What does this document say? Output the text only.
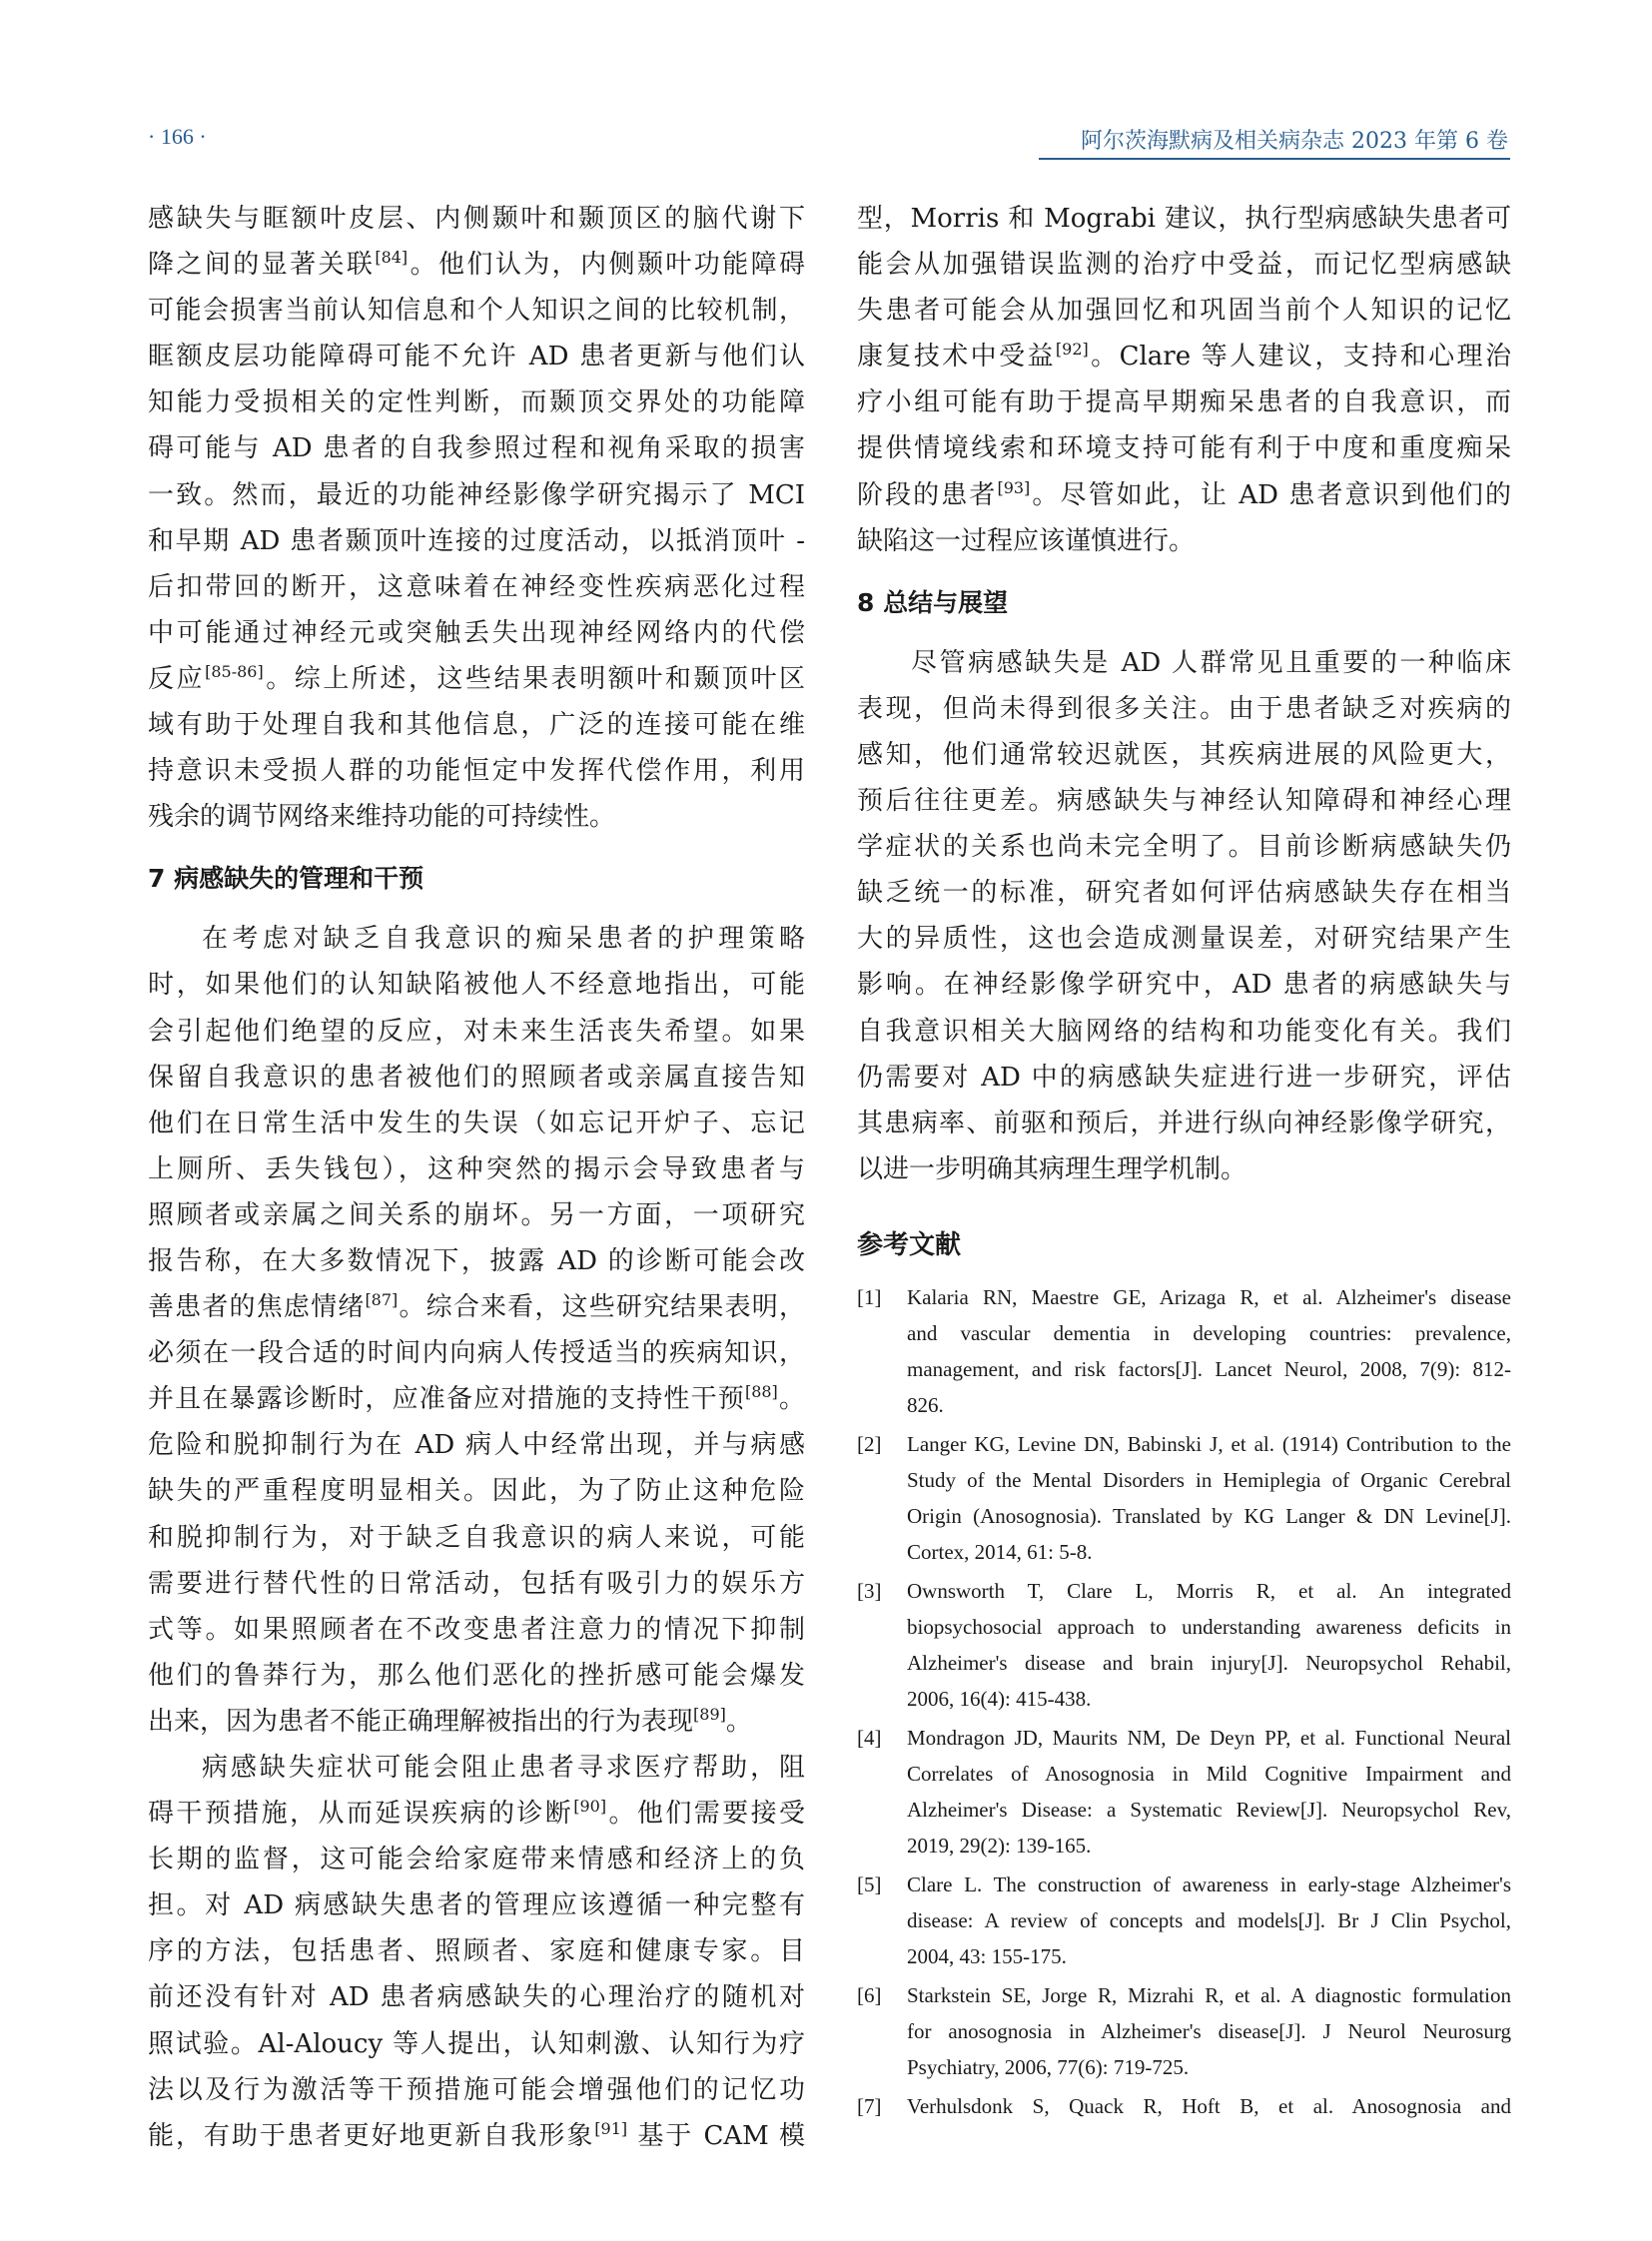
· 166 ·	阿尔茨海默病及相关病杂志 2023 年第 6 卷
感缺失与眶额叶皮层、内侧颞叶和颞顶区的脑代谢下
降之间的显著关联[84]。他们认为，内侧颞叶功能障碍
可能会损害当前认知信息和个人知识之间的比较机制，
眶额皮层功能障碍可能不允许 AD 患者更新与他们认
知能力受损相关的定性判断，而颞顶交界处的功能障
碍可能与 AD 患者的自我参照过程和视角采取的损害
一致。然而，最近的功能神经影像学研究揭示了 MCI
和早期 AD 患者颞顶叶连接的过度活动，以抵消顶叶 -
后扣带回的断开，这意味着在神经变性疾病恶化过程
中可能通过神经元或突触丢失出现神经网络内的代偿
反应[85-86]。综上所述，这些结果表明额叶和颞顶叶区
域有助于处理自我和其他信息，广泛的连接可能在维
持意识未受损人群的功能恒定中发挥代偿作用，利用
残余的调节网络来维持功能的可持续性。
7 病感缺失的管理和干预
在考虑对缺乏自我意识的痴呆患者的护理策略
时，如果他们的认知缺陷被他人不经意地指出，可能
会引起他们绝望的反应，对未来生活丧失希望。如果
保留自我意识的患者被他们的照顾者或亲属直接告知
他们在日常生活中发生的失误（如忘记开炉子、忘记
上厕所、丢失钱包），这种突然的揭示会导致患者与
照顾者或亲属之间关系的崩坏。另一方面，一项研究
报告称，在大多数情况下，披露 AD 的诊断可能会改
善患者的焦虑情绪[87]。综合来看，这些研究结果表明，
必须在一段合适的时间内向病人传授适当的疾病知识，
并且在暴露诊断时，应准备应对措施的支持性干预[88]。
危险和脱抑制行为在 AD 病人中经常出现，并与病感
缺失的严重程度明显相关。因此，为了防止这种危险
和脱抑制行为，对于缺乏自我意识的病人来说，可能
需要进行替代性的日常活动，包括有吸引力的娱乐方
式等。如果照顾者在不改变患者注意力的情况下抑制
他们的鲁莽行为，那么他们恶化的挫折感可能会爆发
出来，因为患者不能正确理解被指出的行为表现[89]。
病感缺失症状可能会阻止患者寻求医疗帮助，阻
碍干预措施，从而延误疾病的诊断[90]。他们需要接受
长期的监督，这可能会给家庭带来情感和经济上的负
担。对 AD 病感缺失患者的管理应该遵循一种完整有
序的方法，包括患者、照顾者、家庭和健康专家。目
前还没有针对 AD 患者病感缺失的心理治疗的随机对
照试验。Al-Aloucy 等人提出，认知刺激、认知行为疗
法以及行为激活等干预措施可能会增强他们的记忆功
能，有助于患者更好地更新自我形象[91] 基于 CAM 模
型，Morris 和 Mograbi 建议，执行型病感缺失患者可
能会从加强错误监测的治疗中受益，而记忆型病感缺
失患者可能会从加强回忆和巩固当前个人知识的记忆
康复技术中受益[92]。Clare 等人建议，支持和心理治
疗小组可能有助于提高早期痴呆患者的自我意识，而
提供情境线索和环境支持可能有利于中度和重度痴呆
阶段的患者[93]。尽管如此，让 AD 患者意识到他们的
缺陷这一过程应该谨慎进行。
8 总结与展望
尽管病感缺失是 AD 人群常见且重要的一种临床
表现，但尚未得到很多关注。由于患者缺乏对疾病的
感知，他们通常较迟就医，其疾病进展的风险更大，
预后往往更差。病感缺失与神经认知障碍和神经心理
学症状的关系也尚未完全明了。目前诊断病感缺失仍
缺乏统一的标准，研究者如何评估病感缺失存在相当
大的异质性，这也会造成测量误差，对研究结果产生
影响。在神经影像学研究中，AD 患者的病感缺失与
自我意识相关大脑网络的结构和功能变化有关。我们
仍需要对 AD 中的病感缺失症进行进一步研究，评估
其患病率、前驱和预后，并进行纵向神经影像学研究，
以进一步明确其病理生理学机制。
参考文献
[1] Kalaria RN, Maestre GE, Arizaga R, et al. Alzheimer's disease
and vascular dementia in developing countries: prevalence,
management, and risk factors[J]. Lancet Neurol, 2008, 7(9): 812-
826.
[2] Langer KG, Levine DN, Babinski J, et al. (1914) Contribution to the
Study of the Mental Disorders in Hemiplegia of Organic Cerebral
Origin (Anosognosia). Translated by KG Langer & DN Levine[J].
Cortex, 2014, 61: 5-8.
[3] Ownsworth T, Clare L, Morris R, et al. An integrated
biopsychosocial approach to understanding awareness deficits in
Alzheimer's disease and brain injury[J]. Neuropsychol Rehabil,
2006, 16(4): 415-438.
[4] Mondragon JD, Maurits NM, De Deyn PP, et al. Functional Neural
Correlates of Anosognosia in Mild Cognitive Impairment and
Alzheimer's Disease: a Systematic Review[J]. Neuropsychol Rev,
2019, 29(2): 139-165.
[5] Clare L. The construction of awareness in early-stage Alzheimer's
disease: A review of concepts and models[J]. Br J Clin Psychol,
2004, 43: 155-175.
[6] Starkstein SE, Jorge R, Mizrahi R, et al. A diagnostic formulation
for anosognosia in Alzheimer's disease[J]. J Neurol Neurosurg
Psychiatry, 2006, 77(6): 719-725.
[7] Verhulsdonk S, Quack R, Hoft B, et al. Anosognosia and
